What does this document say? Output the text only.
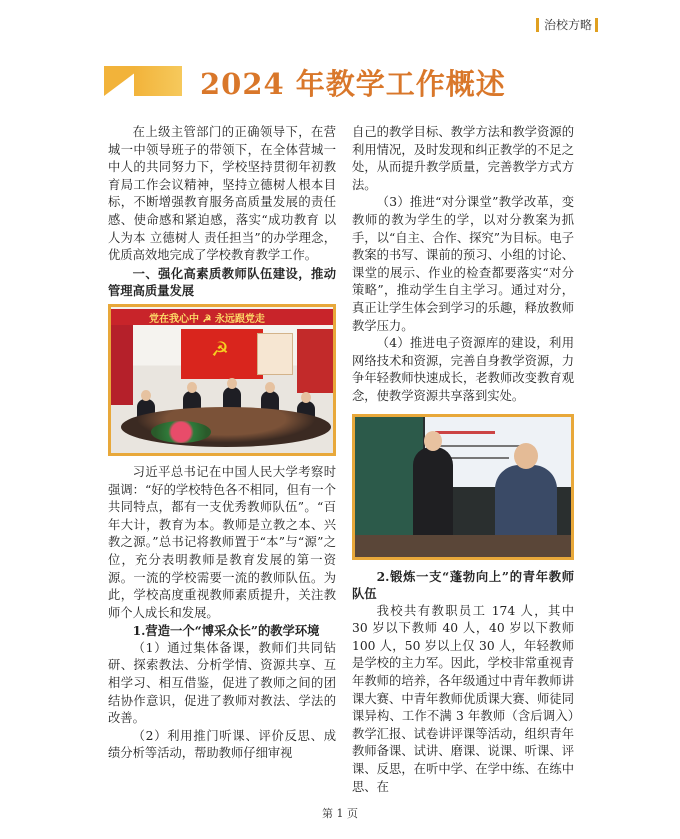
治校方略
2024 年教学工作概述

在上级主管部门的正确领导下，在营城一中领导班子的带领下，在全体营城一中人的共同努力下，学校坚持贯彻年初教育局工作会议精神，坚持立德树人根本目标，不断增强教育服务高质量发展的责任感、使命感和紧迫感，落实“成功教育 以人为本 立德树人 责任担当”的办学理念，优质高效地完成了学校教育教学工作。

一、强化高素质教师队伍建设，推动管理高质量发展

党在我心中 ☭ 永远跟党走
☭

习近平总书记在中国人民大学考察时强调：“好的学校特色各不相同，但有一个共同特点，都有一支优秀教师队伍”。“百年大计，教育为本。教师是立教之本、兴教之源。”总书记将教师置于“本”与“源”之位，充分表明教师是教育发展的第一资源。一流的学校需要一流的教师队伍。为此，学校高度重视教师素质提升，关注教师个人成长和发展。

1.营造一个“博采众长”的教学环境

（1）通过集体备课，教师们共同钻研、探索教法、分析学情、资源共享、互相学习、相互借鉴，促进了教师之间的团结协作意识，促进了教师对教法、学法的改善。

（2）利用推门听课、评价反思、成绩分析等活动，帮助教师仔细审视

自己的教学目标、教学方法和教学资源的利用情况，及时发现和纠正教学的不足之处，从而提升教学质量，完善教学方式方法。

（3）推进“对分课堂”教学改革，变教师的教为学生的学，以对分教案为抓手，以“自主、合作、探究”为目标。电子教案的书写、课前的预习、小组的讨论、课堂的展示、作业的检查都要落实“对分策略”，推动学生自主学习。通过对分，真正让学生体会到学习的乐趣，释放教师教学压力。

（4）推进电子资源库的建设，利用网络技术和资源，完善自身教学资源，力争年轻教师快速成长，老教师改变教育观念，使教学资源共享落到实处。

2.锻炼一支“蓬勃向上”的青年教师队伍

我校共有教职员工 174 人，其中 30 岁以下教师 40 人，40 岁以下教师 100 人，50 岁以上仅 30 人，年轻教师是学校的主力军。因此，学校非常重视青年教师的培养，各年级通过中青年教师讲课大赛、中青年教师优质课大赛、师徒同课异构、工作不满 3 年教师（含后调入）教学汇报、试卷讲评课等活动，组织青年教师备课、试讲、磨课、说课、听课、评课、反思，在听中学、在学中练、在练中思、在

第 1 页
